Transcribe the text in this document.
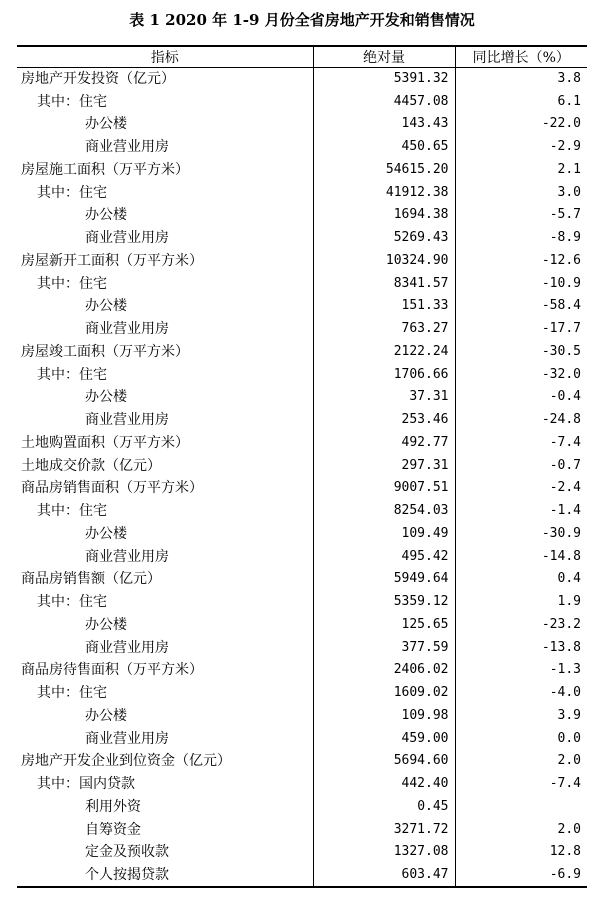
表 1 2020 年 1-9 月份全省房地产开发和销售情况
指标	绝对量	同比增长（%）
房地产开发投资（亿元）	5391.32	3.8
其中：住宅	4457.08	6.1
办公楼	143.43	-22.0
商业营业用房	450.65	-2.9
房屋施工面积（万平方米）	54615.20	2.1
其中：住宅	41912.38	3.0
办公楼	1694.38	-5.7
商业营业用房	5269.43	-8.9
房屋新开工面积（万平方米）	10324.90	-12.6
其中：住宅	8341.57	-10.9
办公楼	151.33	-58.4
商业营业用房	763.27	-17.7
房屋竣工面积（万平方米）	2122.24	-30.5
其中：住宅	1706.66	-32.0
办公楼	37.31	-0.4
商业营业用房	253.46	-24.8
土地购置面积（万平方米）	492.77	-7.4
土地成交价款（亿元）	297.31	-0.7
商品房销售面积（万平方米）	9007.51	-2.4
其中：住宅	8254.03	-1.4
办公楼	109.49	-30.9
商业营业用房	495.42	-14.8
商品房销售额（亿元）	5949.64	0.4
其中：住宅	5359.12	1.9
办公楼	125.65	-23.2
商业营业用房	377.59	-13.8
商品房待售面积（万平方米）	2406.02	-1.3
其中：住宅	1609.02	-4.0
办公楼	109.98	3.9
商业营业用房	459.00	0.0
房地产开发企业到位资金（亿元）	5694.60	2.0
其中：国内贷款	442.40	-7.4
利用外资	0.45	
自筹资金	3271.72	2.0
定金及预收款	1327.08	12.8
个人按揭贷款	603.47	-6.9
